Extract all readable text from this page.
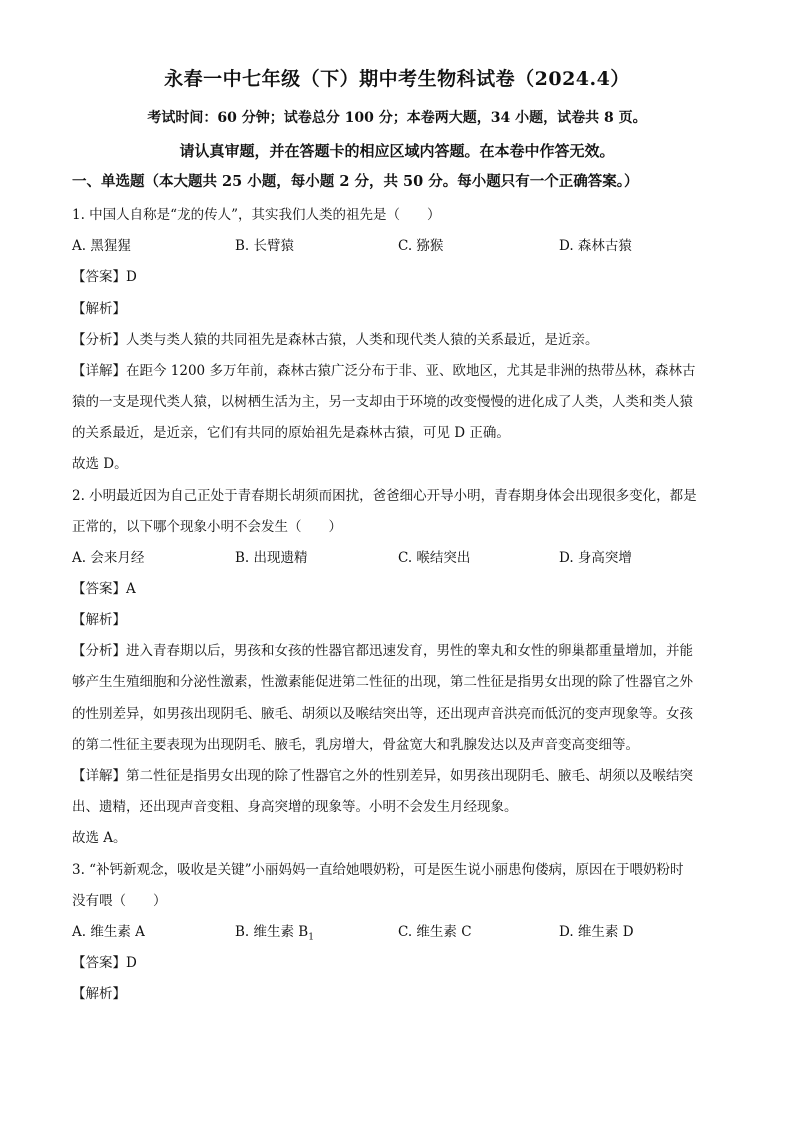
永春一中七年级（下）期中考生物科试卷（2024.4）
考试时间：60 分钟；试卷总分 100 分；本卷两大题，34 小题，试卷共 8 页。
请认真审题，并在答题卡的相应区域内答题。在本卷中作答无效。
一、单选题（本大题共 25 小题，每小题 2 分，共 50 分。每小题只有一个正确答案。）
1. 中国人自称是“龙的传人”，其实我们人类的祖先是（　　）
A. 黑猩猩	B. 长臂猿	C. 猕猴	D. 森林古猿
【答案】D
【解析】
【分析】人类与类人猿的共同祖先是森林古猿，人类和现代类人猿的关系最近，是近亲。
【详解】在距今 1200 多万年前，森林古猿广泛分布于非、亚、欧地区，尤其是非洲的热带丛林，森林古
猿的一支是现代类人猿，以树栖生活为主，另一支却由于环境的改变慢慢的进化成了人类，人类和类人猿
的关系最近，是近亲，它们有共同的原始祖先是森林古猿，可见 D 正确。
故选 D。
2. 小明最近因为自己正处于青春期长胡须而困扰，爸爸细心开导小明，青春期身体会出现很多变化，都是
正常的，以下哪个现象小明不会发生（　　）
A. 会来月经	B. 出现遗精	C. 喉结突出	D. 身高突增
【答案】A
【解析】
【分析】进入青春期以后，男孩和女孩的性器官都迅速发育，男性的睾丸和女性的卵巢都重量增加，并能
够产生生殖细胞和分泌性激素，性激素能促进第二性征的出现，第二性征是指男女出现的除了性器官之外
的性别差异，如男孩出现阴毛、腋毛、胡须以及喉结突出等，还出现声音洪亮而低沉的变声现象等。女孩
的第二性征主要表现为出现阴毛、腋毛，乳房增大，骨盆宽大和乳腺发达以及声音变高变细等。
【详解】第二性征是指男女出现的除了性器官之外的性别差异，如男孩出现阴毛、腋毛、胡须以及喉结突
出、遗精，还出现声音变粗、身高突增的现象等。小明不会发生月经现象。
故选 A。
3. “补钙新观念，吸收是关键”小丽妈妈一直给她喂奶粉，可是医生说小丽患佝偻病，原因在于喂奶粉时
没有喂（　　）
A. 维生素 A	B. 维生素 $B_1$	C. 维生素 C	D. 维生素 D
【答案】D
【解析】
